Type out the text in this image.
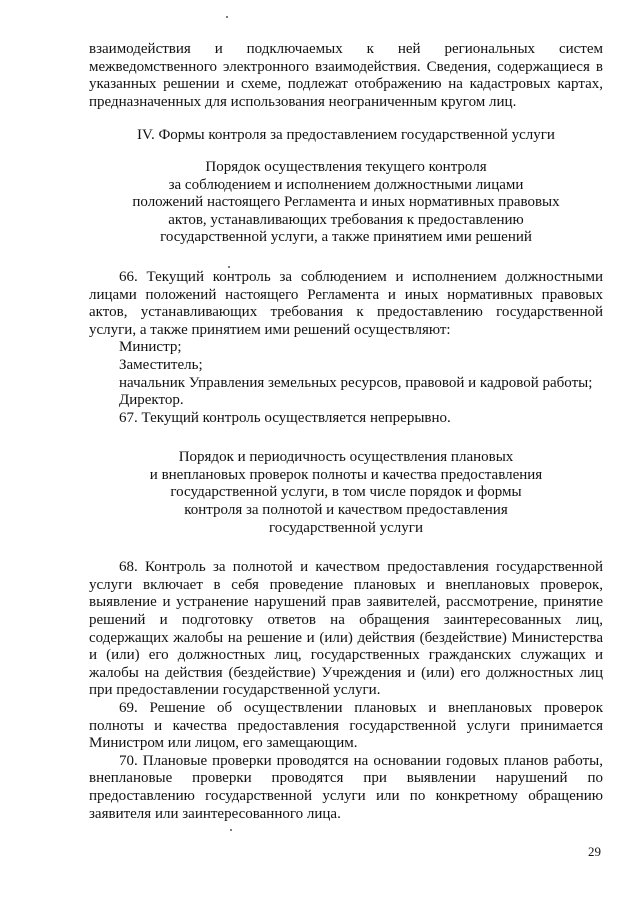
взаимодействия и подключаемых к ней региональных систем межведомственного электронного взаимодействия. Сведения, содержащиеся в указанных решении и схеме, подлежат отображению на кадастровых картах, предназначенных для использования неограниченным кругом лиц.

IV. Формы контроля за предоставлением государственной услуги

Порядок осуществления текущего контроля

за соблюдением и исполнением должностными лицами

положений настоящего Регламента и иных нормативных правовых

актов, устанавливающих требования к предоставлению

государственной услуги, а также принятием ими решений

66. Текущий контроль за соблюдением и исполнением должностными лицами положений настоящего Регламента и иных нормативных правовых актов, устанавливающих требования к предоставлению государственной услуги, а также принятием ими решений осуществляют:

Министр;

Заместитель;

начальник Управления земельных ресурсов, правовой и кадровой работы;

Директор.

67. Текущий контроль осуществляется непрерывно.

Порядок и периодичность осуществления плановых

и внеплановых проверок полноты и качества предоставления

государственной услуги, в том числе порядок и формы

контроля за полнотой и качеством предоставления

государственной услуги

68. Контроль за полнотой и качеством предоставления государственной услуги включает в себя проведение плановых и внеплановых проверок, выявление и устранение нарушений прав заявителей, рассмотрение, принятие решений и подготовку ответов на обращения заинтересованных лиц, содержащих жалобы на решение и (или) действия (бездействие) Министерства и (или) его должностных лиц, государственных гражданских служащих и жалобы на действия (бездействие) Учреждения и (или) его должностных лиц при предоставлении государственной услуги.

69. Решение об осуществлении плановых и внеплановых проверок полноты и качества предоставления государственной услуги принимается Министром или лицом, его замещающим.

70. Плановые проверки проводятся на основании годовых планов работы, внеплановые проверки проводятся при выявлении нарушений по предоставлению государственной услуги или по конкретному обращению заявителя или заинтересованного лица.

29
